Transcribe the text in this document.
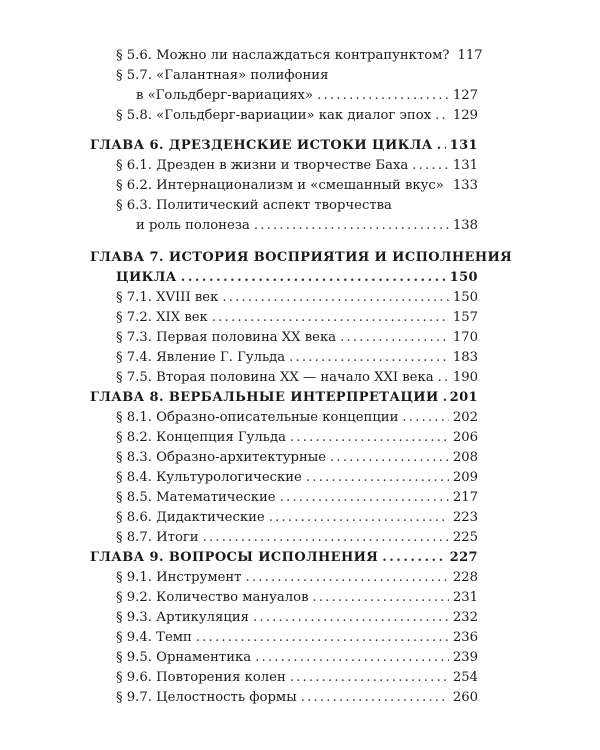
§ 5.6. Можно ли наслаждаться контрапунктом? 117
§ 5.7. «Галантная» полифония
в «Гольдберг-вариациях» . . .	127
§ 5.8. «Гольдберг-вариации» как диалог эпох . . . 129
ГЛАВА 6. ДРЕЗДЕНСКИЕ ИСТОКИ ЦИКЛА . . . 131
§ 6.1. Дрезден в жизни и творчестве Баха . . .	131
§ 6.2. Интернационализм и «смешанный вкус» . . . 133
§ 6.3. Политический аспект творчества
и роль полонеза . . .	138
ГЛАВА 7. ИСТОРИЯ ВОСПРИЯТИЯ И ИСПОЛНЕНИЯ
ЦИКЛА . . .	150
§ 7.1. XVIII век . . .	150
§ 7.2. XIX век . . .	157
§ 7.3. Первая половина XX века . . .	170
§ 7.4. Явление Г. Гульда . . .	183
§ 7.5. Вторая половина XX — начало XXI века . . . 190
ГЛАВА 8. ВЕРБАЛЬНЫЕ ИНТЕРПРЕТАЦИИ . . . 201
§ 8.1. Образно-описательные концепции . . .	202
§ 8.2. Концепция Гульда . . .	206
§ 8.3. Образно-архитектурные . . .	208
§ 8.4. Культурологические . . .	209
§ 8.5. Математические . . .	217
§ 8.6. Дидактические . . .	223
§ 8.7. Итоги . . .	225
ГЛАВА 9. ВОПРОСЫ ИСПОЛНЕНИЯ . . .	227
§ 9.1. Инструмент . . .	228
§ 9.2. Количество мануалов . . .	231
§ 9.3. Артикуляция . . .	232
§ 9.4. Темп . . .	236
§ 9.5. Орнаментика . . .	239
§ 9.6. Повторения колен . . .	254
§ 9.7. Целостность формы . . .	260
